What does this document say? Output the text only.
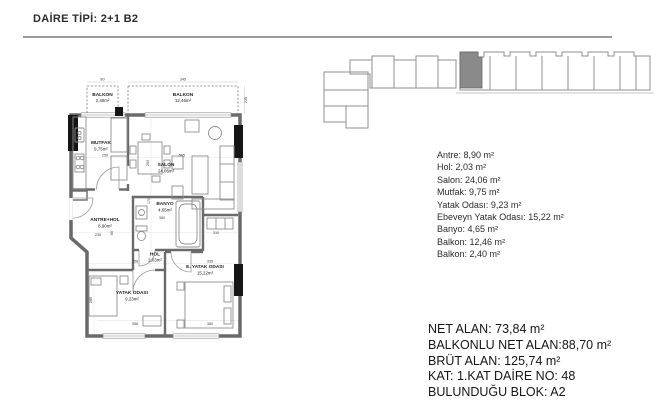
DAİRE TİPİ: 2+1 B2
BALKON
2,40m²
BALKON
12,46m²
MUTFAK
9,75m²
SALON
24,06m²
ANTRE+HOL
8,90m²
BANYO
4,65m²
HOL
2,03m²
E. YATAK ODASI
15,22m²
YATAK ODASI
9,23m²
80	345
235
259	565
250
170
235 85
360
310
358	335
260
358	360
Antre: 8,90 m²
Hol: 2,03 m²
Salon: 24,06 m²
Mutfak: 9,75 m²
Yatak Odası: 9,23 m²
Ebeveyn Yatak Odası: 15,22 m²
Banyo: 4,65 m²
Balkon: 12,46 m²
Balkon: 2,40 m²
NET ALAN: 73,84 m²
BALKONLU NET ALAN:88,70 m²
BRÜT ALAN: 125,74 m²
KAT: 1.KAT DAİRE NO: 48
BULUNDUĞU BLOK: A2
